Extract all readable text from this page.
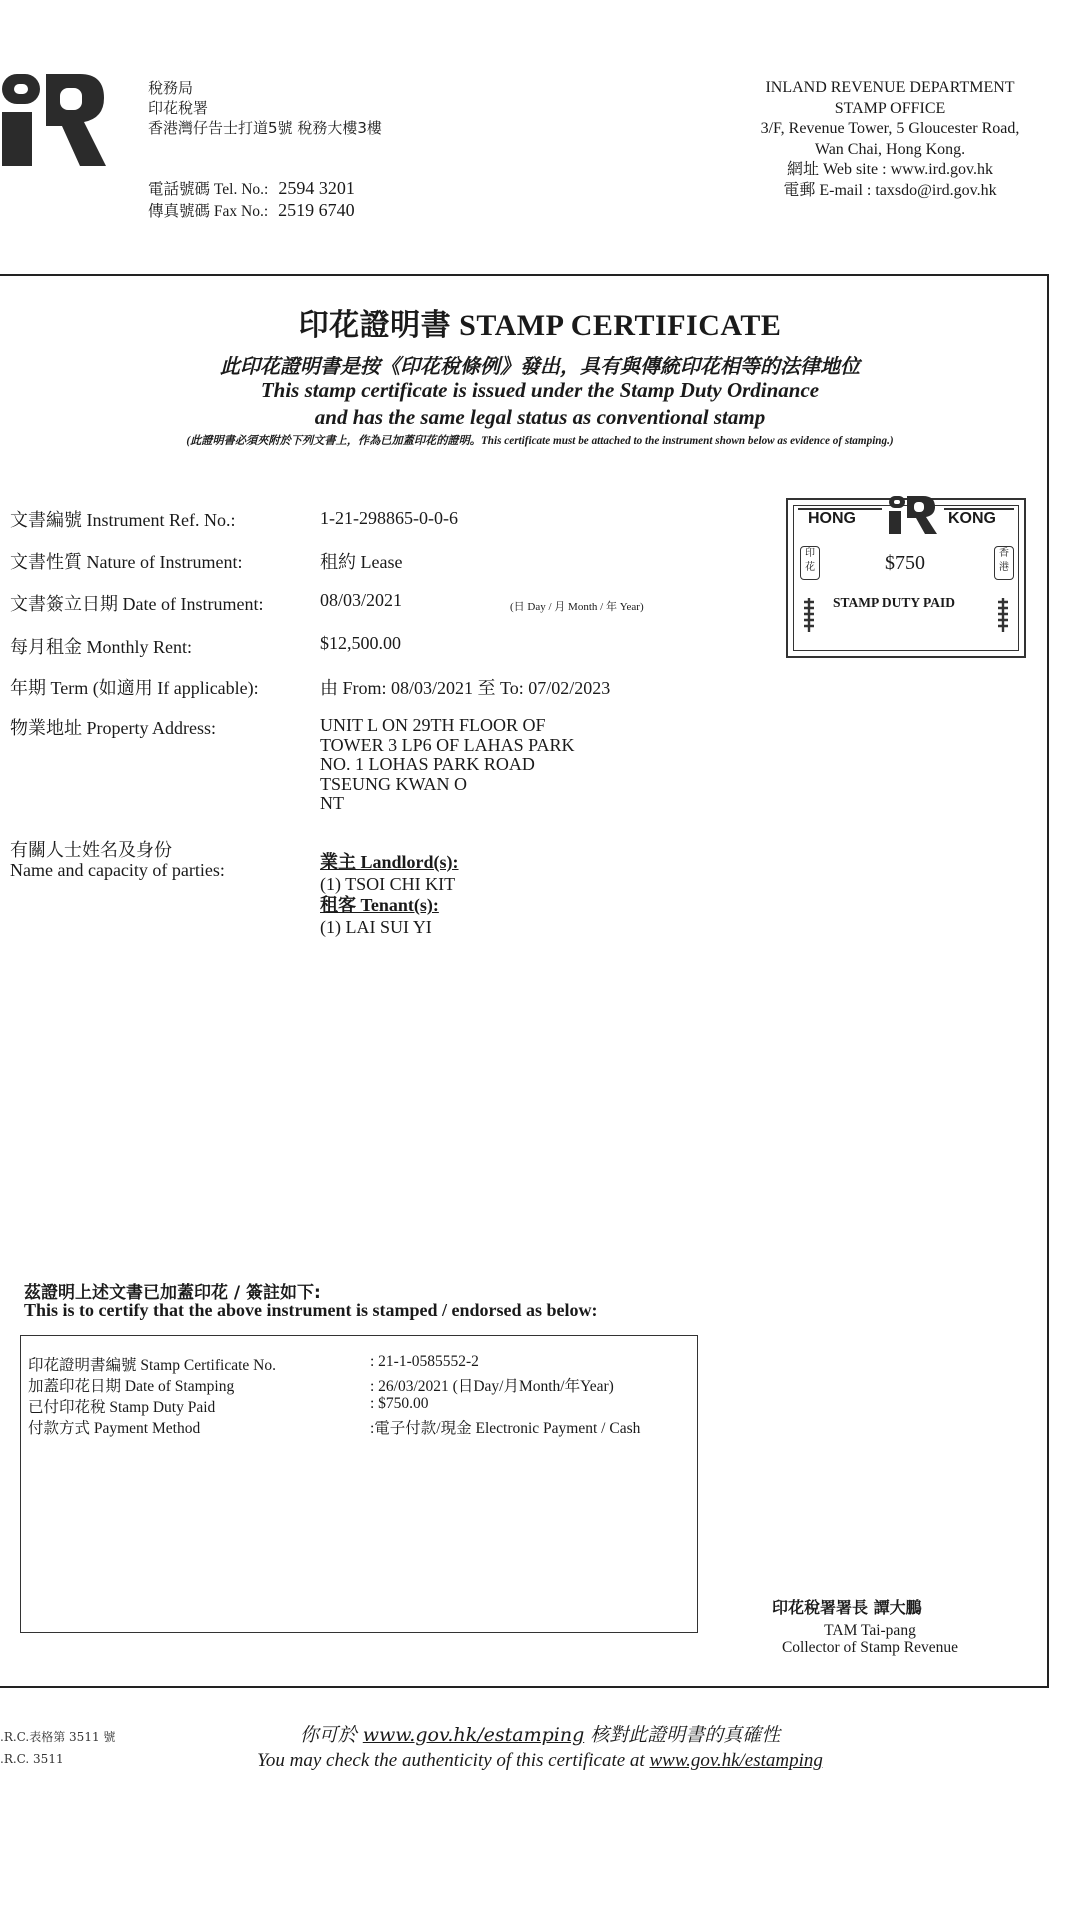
稅務局
印花稅署
香港灣仔告士打道5號 稅務大樓3樓
電話號碼 Tel. No.: 2594 3201
傳真號碼 Fax No.: 2519 6740
INLAND REVENUE DEPARTMENT
STAMP OFFICE
3/F, Revenue Tower, 5 Gloucester Road,
Wan Chai, Hong Kong.
網址 Web site : www.ird.gov.hk
電郵 E-mail : taxsdo@ird.gov.hk
印花證明書 STAMP CERTIFICATE
此印花證明書是按《印花稅條例》發出，具有與傳統印花相等的法律地位
This stamp certificate is issued under the Stamp Duty Ordinance
and has the same legal status as conventional stamp
(此證明書必須夾附於下列文書上，作為已加蓋印花的證明。This certificate must be attached to the instrument shown below as evidence of stamping.)
文書編號 Instrument Ref. No.:	1-21-298865-0-0-6
文書性質 Nature of Instrument:	租約 Lease
文書簽立日期 Date of Instrument:	08/03/2021	(日 Day / 月 Month / 年 Year)
每月租金 Monthly Rent:	$12,500.00
年期 Term (如適用 If applicable):	由 From: 08/03/2021 至 To: 07/02/2023
物業地址 Property Address:	UNIT L ON 29TH FLOOR OF
TOWER 3 LP6 OF LAHAS PARK
NO. 1 LOHAS PARK ROAD
TSEUNG KWAN O
NT
有關人士姓名及身份
Name and capacity of parties:	業主 Landlord(s):
(1) TSOI CHI KIT
租客 Tenant(s):
(1) LAI SUI YI
HONG	KONG
$750
STAMP DUTY PAID
印花
香港
茲證明上述文書已加蓋印花 / 簽註如下:
This is to certify that the above instrument is stamped / endorsed as below:
印花證明書編號 Stamp Certificate No.	: 21-1-0585552-2
加蓋印花日期 Date of Stamping	: 26/03/2021 (日Day/月Month/年Year)
已付印花稅 Stamp Duty Paid	: $750.00
付款方式 Payment Method	:電子付款/現金 Electronic Payment / Cash
印花稅署署長 譚大鵬
TAM Tai-pang
Collector of Stamp Revenue
.R.C.表格第 3511 號
.R.C. 3511
你可於 www.gov.hk/estamping 核對此證明書的真確性
You may check the authenticity of this certificate at www.gov.hk/estamping
